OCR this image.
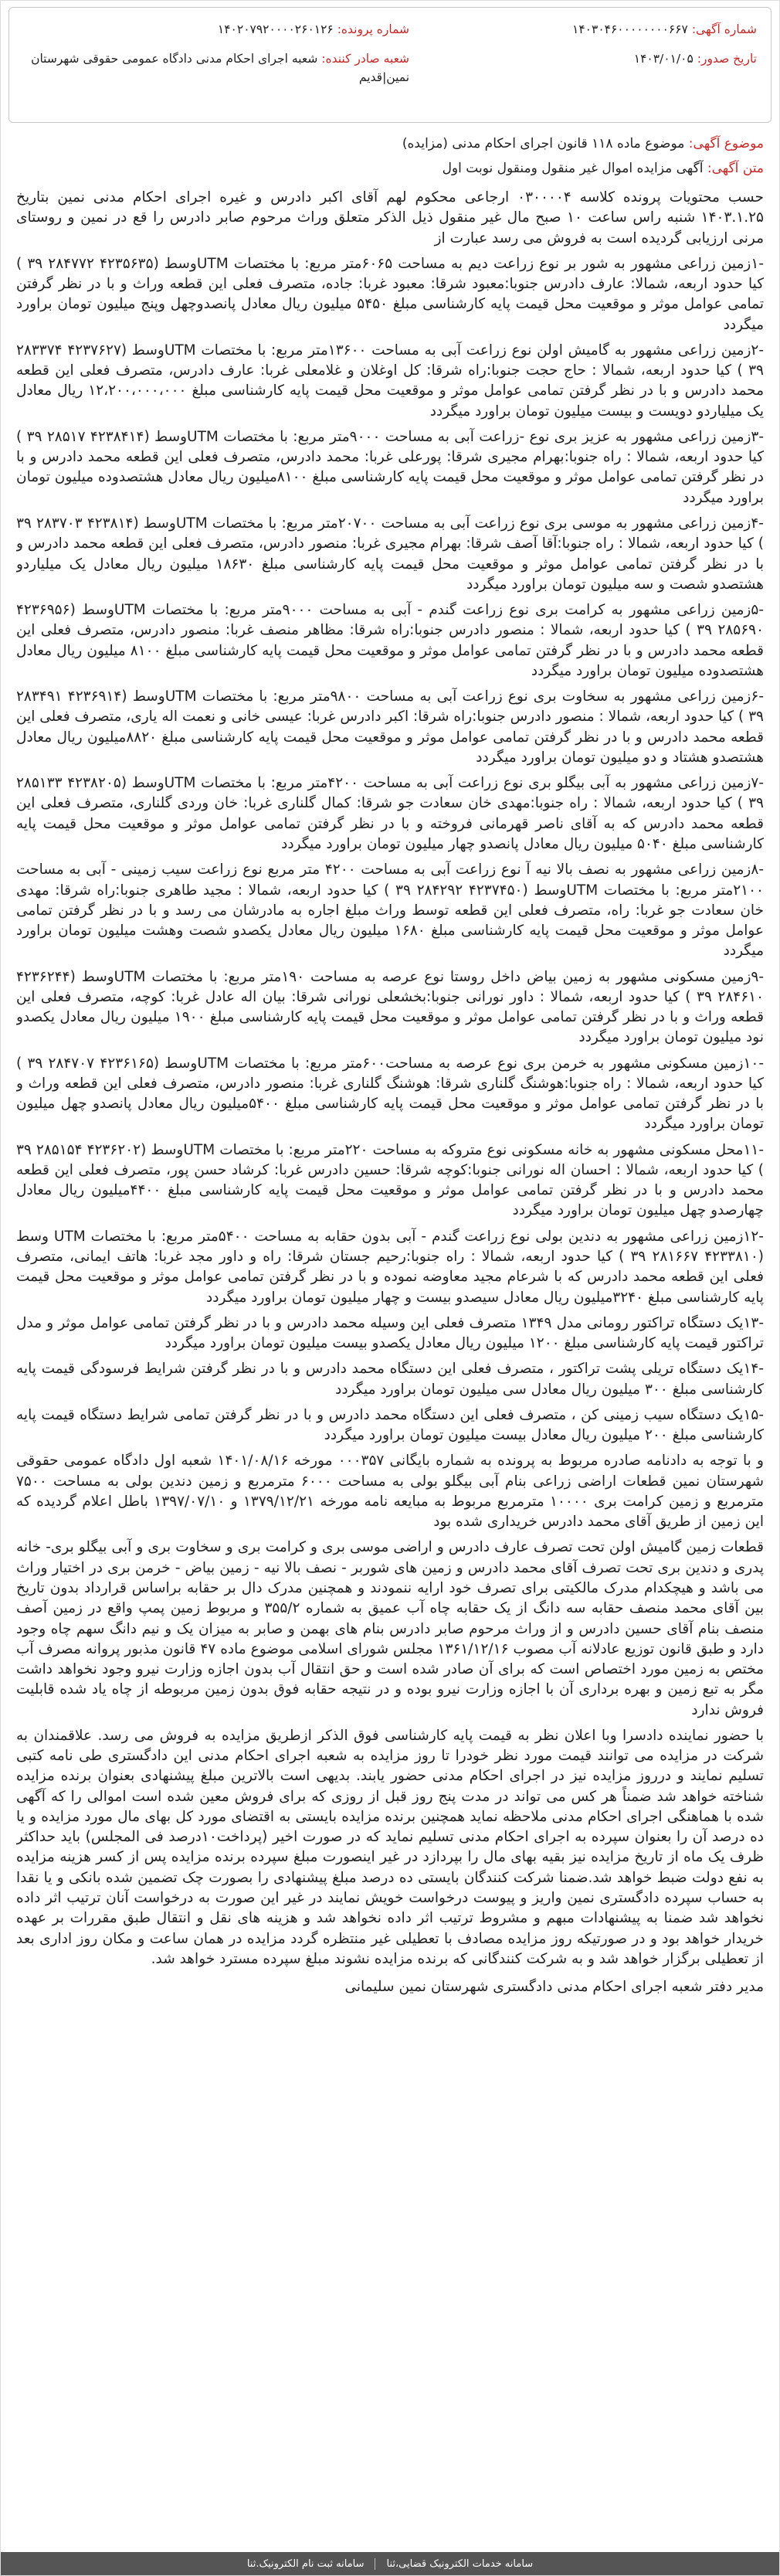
شماره آگهی: ۱۴۰۳۰۴۶۰۰۰۰۰۰۰۰۶۶۷
تاریخ صدور: ۱۴۰۳/۰۱/۰۵
شماره پرونده: ۱۴۰۲۰۷۹۲۰۰۰۰۲۶۰۱۲۶
شعبه صادر کننده: شعبه اجرای احکام مدنی دادگاه عمومی حقوقی شهرستان نمین|قدیم
موضوع آگهی: موضوع ماده ۱۱۸ قانون اجرای احکام مدنی (مزایده)
متن آگهی: آگهی مزایده اموال غیر منقول ومنقول نوبت اول

حسب محتویات پرونده کلاسه ۰۳۰۰۰۰۴ ارجاعی محکوم لهم آقای اکبر دادرس و غیره اجرای احکام مدنی نمین بتاریخ ۱۴۰۳.۱.۲۵ شنبه راس ساعت ۱۰ صبح مال غیر منقول ذیل الذکر متعلق وراث مرحوم صابر دادرس را قع در نمین و روستای مرنی ارزیابی گردیده است به فروش می رسد عبارت از

-۱زمین زراعی مشهور به شور بر نوع زراعت دیم به مساحت ۶۰۶۵متر مربع: با مختصات UTMوسط (۴۲۳۵۶۳۵ ۲۸۴۷۷۲ ۳۹ ) کیا حدود اربعه، شمالا: عارف دادرس جنوبا:معبود شرقا: معبود غربا: جاده، متصرف فعلی این قطعه وراث و با در نظر گرفتن تمامی عوامل موثر و موقعیت محل قیمت پایه کارشناسی مبلغ ۵۴۵۰ میلیون ریال معادل پانصدوچهل وپنج میلیون تومان براورد میگردد

-۲زمین زراعی مشهور به گامیش اولن نوع زراعت آبی به مساحت ۱۳۶۰۰متر مربع: با مختصات UTMوسط (۴۲۳۷۶۲۷ ۲۸۳۳۷۴ ۳۹ ) کیا حدود اربعه، شمالا : حاج حجت جنوبا:راه شرقا: کل اوغلان و غلامعلی غربا: عارف دادرس، متصرف فعلی این قطعه محمد دادرس و با در نظر گرفتن تمامی عوامل موثر و موقعیت محل قیمت پایه کارشناسی مبلغ ۱۲،۲۰۰،۰۰۰،۰۰۰ ریال معادل یک میلیاردو دویست و بیست میلیون تومان براورد میگردد

-۳زمین زراعی مشهور به عزیز بری نوع -زراعت آبی به مساحت ۹۰۰۰متر مربع: با مختصات UTMوسط (۴۲۳۸۴۱۴ ۲۸۵۱۷ ۳۹ ) کیا حدود اربعه، شمالا : راه جنوبا:بهرام مجیری شرقا: پورعلی غربا: محمد دادرس، متصرف فعلی این قطعه محمد دادرس و با در نظر گرفتن تمامی عوامل موثر و موقعیت محل قیمت پایه کارشناسی مبلغ ۸۱۰۰میلیون ریال معادل هشتصدوده میلیون تومان براورد میگردد

-۴زمین زراعی مشهور به موسی بری نوع زراعت آبی به مساحت ۲۰۷۰۰متر مربع: با مختصات UTMوسط (۴۲۳۸۱۴ ۲۸۳۷۰۳ ۳۹ ) کیا حدود اربعه، شمالا : راه جنوبا:آقا آصف شرقا: بهرام مجیری غربا: منصور دادرس، متصرف فعلی این قطعه محمد دادرس و با در نظر گرفتن تمامی عوامل موثر و موقعیت محل قیمت پایه کارشناسی مبلغ ۱۸۶۳۰ میلیون ریال معادل یک میلیاردو هشتصدو شصت و سه میلیون تومان براورد میگردد

-۵زمین زراعی مشهور به کرامت بری نوع زراعت گندم - آبی به مساحت ۹۰۰۰متر مربع: با مختصات UTMوسط (۴۲۳۶۹۵۶ ۲۸۵۶۹۰ ۳۹ ) کیا حدود اربعه، شمالا : منصور دادرس جنوبا:راه شرقا: مظاهر منصف غربا: منصور دادرس، متصرف فعلی این قطعه محمد دادرس و با در نظر گرفتن تمامی عوامل موثر و موقعیت محل قیمت پایه کارشناسی مبلغ ۸۱۰۰ میلیون ریال معادل هشتصدوده میلیون تومان براورد میگردد

-۶زمین زراعی مشهور به سخاوت بری نوع زراعت آبی به مساحت ۹۸۰۰متر مربع: با مختصات UTMوسط (۴۲۳۶۹۱۴ ۲۸۳۴۹۱ ۳۹ ) کیا حدود اربعه، شمالا : منصور دادرس جنوبا:راه شرقا: اکبر دادرس غربا: عیسی خانی و نعمت اله یاری، متصرف فعلی این قطعه محمد دادرس و با در نظر گرفتن تمامی عوامل موثر و موقعیت محل قیمت پایه کارشناسی مبلغ ۸۸۲۰میلیون ریال معادل هشتصدو هشتاد و دو میلیون تومان براورد میگردد

-۷زمین زراعی مشهور به آبی بیگلو بری نوع زراعت آبی به مساحت ۴۲۰۰متر مربع: با مختصات UTMوسط (۴۲۳۸۲۰۵ ۲۸۵۱۳۳ ۳۹ ) کیا حدود اربعه، شمالا : راه جنوبا:مهدی خان سعادت جو شرقا: کمال گلناری غربا: خان وردی گلناری، متصرف فعلی این قطعه محمد دادرس که به آقای ناصر قهرمانی فروخته و با در نظر گرفتن تمامی عوامل موثر و موقعیت محل قیمت پایه کارشناسی مبلغ ۵۰۴۰ میلیون ریال معادل پانصدو چهار میلیون تومان براورد میگردد

-۸زمین زراعی مشهور به نصف بالا نیه آ نوع زراعت آبی به مساحت ۴۲۰۰ متر مربع نوع زراعت سیب زمینی - آبی به مساحت ۲۱۰۰متر مربع: با مختصات UTMوسط (۴۲۳۷۴۵۰ ۲۸۴۲۹۲ ۳۹ ) کیا حدود اربعه، شمالا : مجید طاهری جنوبا:راه شرقا: مهدی خان سعادت جو غربا: راه، متصرف فعلی این قطعه توسط وراث مبلغ اجاره به مادرشان می رسد و با در نظر گرفتن تمامی عوامل موثر و موقعیت محل قیمت پایه کارشناسی مبلغ ۱۶۸۰ میلیون ریال معادل یکصدو شصت وهشت میلیون تومان براورد میگردد

-۹زمین مسکونی مشهور به زمین بیاض داخل روستا نوع عرصه به مساحت ۱۹۰متر مربع: با مختصات UTMوسط (۴۲۳۶۲۴۴ ۲۸۴۶۱۰ ۳۹ ) کیا حدود اربعه، شمالا : داور نورانی جنوبا:بخشعلی نورانی شرقا: بیان اله عادل غربا: کوچه، متصرف فعلی این قطعه وراث و با در نظر گرفتن تمامی عوامل موثر و موقعیت محل قیمت پایه کارشناسی مبلغ ۱۹۰۰ میلیون ریال معادل یکصدو نود میلیون تومان براورد میگردد

-۱۰زمین مسکونی مشهور به خرمن بری نوع عرصه به مساحت۶۰۰متر مربع: با مختصات UTMوسط (۴۲۳۶۱۶۵ ۲۸۴۷۰۷ ۳۹ ) کیا حدود اربعه، شمالا : راه جنوبا:هوشنگ گلناری شرقا: هوشنگ گلناری غربا: منصور دادرس، متصرف فعلی این قطعه وراث و با در نظر گرفتن تمامی عوامل موثر و موقعیت محل قیمت پایه کارشناسی مبلغ ۵۴۰۰میلیون ریال معادل پانصدو چهل میلیون تومان براورد میگردد

-۱۱محل مسکونی مشهور به خانه مسکونی نوع متروکه به مساحت ۲۲۰متر مربع: با مختصات UTMوسط (۴۲۳۶۲۰۲ ۲۸۵۱۵۴ ۳۹ ) کیا حدود اربعه، شمالا : احسان اله نورانی جنوبا:کوچه شرقا: حسین دادرس غربا: کرشاد حسن پور، متصرف فعلی این قطعه محمد دادرس و با در نظر گرفتن تمامی عوامل موثر و موقعیت محل قیمت پایه کارشناسی مبلغ ۴۴۰۰میلیون ریال معادل چهارصدو چهل میلیون تومان براورد میگردد

-۱۲زمین زراعی مشهور به دندین بولی نوع زراعت گندم - آبی بدون حقابه به مساحت ۵۴۰۰متر مربع: با مختصات UTM وسط (۴۲۳۳۸۱۰ ۲۸۱۶۶۷ ۳۹ ) کیا حدود اربعه، شمالا : راه جنوبا:رحیم جستان شرقا: راه و داور مجد غربا: هاتف ایمانی، متصرف فعلی این قطعه محمد دادرس که با شرعام مجید معاوضه نموده و با در نظر گرفتن تمامی عوامل موثر و موقعیت محل قیمت پایه کارشناسی مبلغ ۳۲۴۰میلیون ریال معادل سیصدو بیست و چهار میلیون تومان براورد میگردد

-۱۳یک دستگاه تراکتور رومانی مدل ۱۳۴۹ متصرف فعلی این وسیله محمد دادرس و با در نظر گرفتن تمامی عوامل موثر و مدل تراکتور قیمت پایه کارشناسی مبلغ ۱۲۰۰ میلیون ریال معادل یکصدو بیست میلیون تومان براورد میگردد

-۱۴یک دستگاه تریلی پشت تراکتور ، متصرف فعلی این دستگاه محمد دادرس و با در نظر گرفتن شرایط فرسودگی قیمت پایه کارشناسی مبلغ ۳۰۰ میلیون ریال معادل سی میلیون تومان براورد میگردد

-۱۵یک دستگاه سیب زمینی کن ، متصرف فعلی این دستگاه محمد دادرس و با در نظر گرفتن تمامی شرایط دستگاه قیمت پایه کارشناسی مبلغ ۲۰۰ میلیون ریال معادل بیست میلیون تومان براورد میگردد

و با توجه به دادنامه صادره مربوط به پرونده به شماره بایگانی ۰۰۰۳۵۷ مورخه ۱۴۰۱/۰۸/۱۶ شعبه اول دادگاه عمومی حقوقی شهرستان نمین قطعات اراضی زراعی بنام آبی بیگلو بولی به مساحت ۶۰۰۰ مترمربع و زمین دندین بولی به مساحت ۷۵۰۰ مترمربع و زمین کرامت بری ۱۰۰۰۰ مترمربع مربوط به مبایعه نامه مورخه ۱۳۷۹/۱۲/۲۱ و ۱۳۹۷/۰۷/۱۰ باطل اعلام گردیده که این زمین از طریق آقای محمد دادرس خریداری شده بود

قطعات زمین گامیش اولن تحت تصرف عارف دادرس و اراضی موسی بری و کرامت بری و سخاوت بری و آبی بیگلو بری- خانه پدری و دندین بری تحت تصرف آقای محمد دادرس و زمین های شوربر - نصف بالا نیه - زمین بیاض - خرمن بری در اختیار وراث می باشد و هیچکدام مدرک مالکیتی برای تصرف خود ارایه ننمودند و همچنین مدرک دال بر حقابه براساس قرارداد بدون تاریخ بین آقای محمد منصف حقابه سه دانگ از یک حقابه چاه آب عمیق به شماره ۳۵۵/۲ و مربوط زمین پمپ واقع در زمین آصف منصف بنام آقای حسین دادرس و از وراث مرحوم صابر دادرس بنام های بهمن و صابر به میزان یک و نیم دانگ سهم چاه وجود دارد و طبق قانون توزیع عادلانه آب مصوب ۱۳۶۱/۱۲/۱۶ مجلس شورای اسلامی موضوع ماده ۴۷ قانون مذبور پروانه مصرف آب مختص به زمین مورد اختصاص است که برای آن صادر شده است و حق انتقال آب بدون اجازه وزارت نیرو وجود نخواهد داشت مگر به تبع زمین و بهره برداری آن با اجازه وزارت نیرو بوده و در نتیجه حقابه فوق بدون زمین مربوطه از چاه یاد شده قابلیت فروش ندارد

با حضور نماینده دادسرا وبا اعلان نظر به قیمت پایه کارشناسی فوق الذکر ازطریق مزایده به فروش می رسد. علاقمندان به شرکت در مزایده می توانند قیمت مورد نظر خودرا تا روز مزایده به شعبه اجرای احکام مدنی این دادگستری طی نامه کتبی تسلیم نمایند و درروز مزایده نیز در اجرای احکام مدنی حضور یابند. بدیهی است بالاترین مبلغ پیشنهادی بعنوان برنده مزایده شناخته خواهد شد ضمناً هر کس می تواند در مدت پنج روز قبل از روزی که برای فروش معین شده است اموالی را که آگهی شده با هماهنگی اجرای احکام مدنی ملاحظه نماید همچنین برنده مزایده بایستی به اقتضای مورد کل بهای مال مورد مزایده و یا ده درصد آن را بعنوان سپرده به اجرای احکام مدنی تسلیم نماید که در صورت اخیر (پرداخت۱۰درصد فی المجلس) باید حداکثر ظرف یک ماه از تاریخ مزایده نیز بقیه بهای مال را بپردازد در غیر اینصورت مبلغ سپرده برنده مزایده پس از کسر هزینه مزایده به نفع دولت ضبط خواهد شد.ضمنا شرکت کنندگان بایستی ده درصد مبلغ پیشنهادی را بصورت چک تضمین شده بانکی و یا نقدا به حساب سپرده دادگستری نمین واریز و پیوست درخواست خویش نمایند در غیر این صورت به درخواست آنان ترتیب اثر داده نخواهد شد ضمنا به پیشنهادات مبهم و مشروط ترتیب اثر داده نخواهد شد و هزینه های نقل و انتقال طبق مقررات بر عهده خریدار خواهد بود و در صورتیکه روز مزایده مصادف با تعطیلی غیر منتظره گردد مزایده در همان ساعت و مکان روز اداری بعد از تعطیلی برگزار خواهد شد و به شرکت کنندگانی که برنده مزایده نشوند مبلغ سپرده مسترد خواهد شد.

مدیر دفتر شعبه اجرای احکام مدنی دادگستری شهرستان نمین سلیمانی

سامانه خدمات الکترونیک قضایی،ثنا
سامانه ثبت نام الکترونیک.ثنا
